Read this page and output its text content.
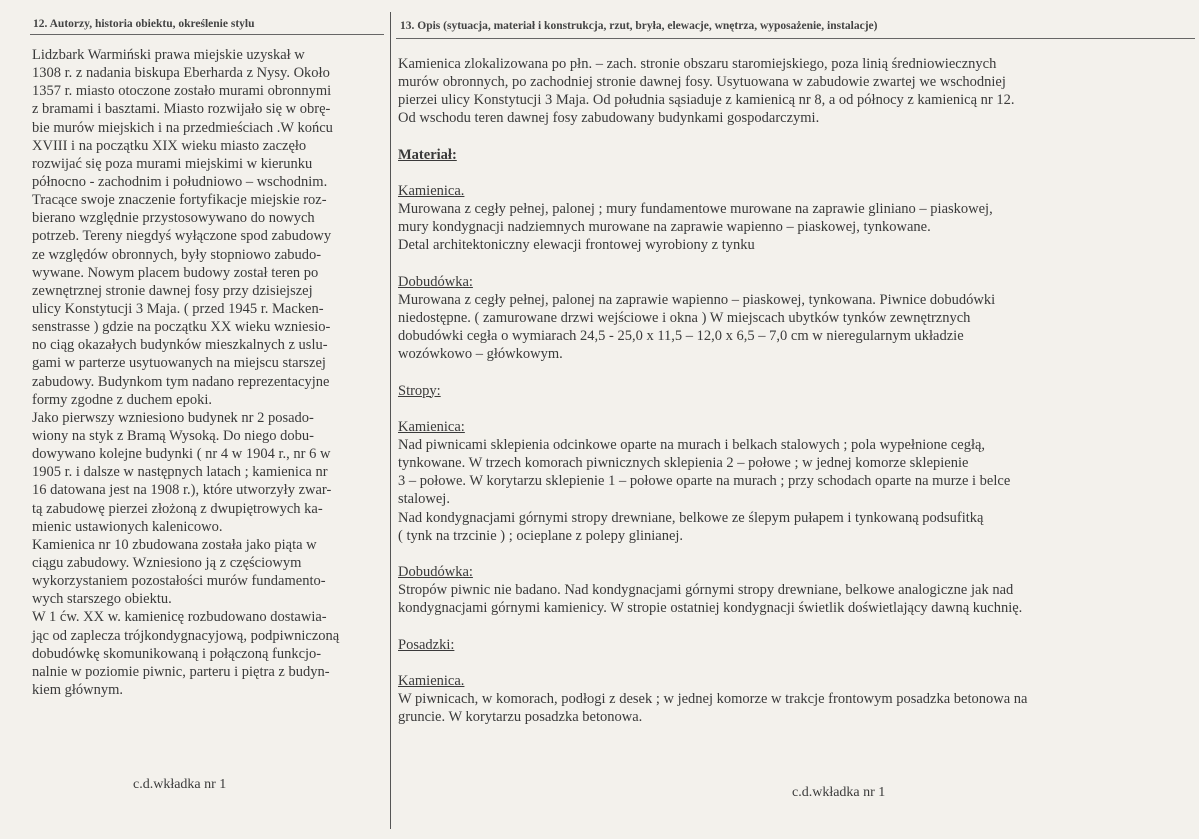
12. Autorzy, historia obiektu, określenie stylu
Lidzbark Warmiński prawa miejskie uzyskał w
1308 r. z nadania biskupa Eberharda z Nysy. Około
1357 r. miasto otoczone zostało murami obronnymi
z bramami i basztami. Miasto rozwijało się w obrę-
bie murów miejskich i na przedmieściach .W końcu
XVIII i na początku XIX wieku miasto zaczęło
rozwijać się poza murami miejskimi w kierunku
północno - zachodnim i południowo – wschodnim.
Tracące swoje znaczenie fortyfikacje miejskie roz-
bierano względnie przystosowywano do nowych
potrzeb. Tereny niegdyś wyłączone spod zabudowy
ze względów obronnych, były stopniowo zabudo-
wywane. Nowym placem budowy został teren po
zewnętrznej stronie dawnej fosy przy dzisiejszej
ulicy Konstytucji 3 Maja. ( przed 1945 r. Macken-
senstrasse ) gdzie na początku XX wieku wzniesio-
no ciąg okazałych budynków mieszkalnych z uslu-
gami w parterze usytuowanych na miejscu starszej
zabudowy. Budynkom tym nadano reprezentacyjne
formy zgodne z duchem epoki.
Jako pierwszy wzniesiono budynek nr 2 posado-
wiony na styk z Bramą Wysoką. Do niego dobu-
dowywano kolejne budynki ( nr 4 w 1904 r., nr 6 w
1905 r. i dalsze w następnych latach ; kamienica nr
16 datowana jest na 1908 r.), które utworzyły zwar-
tą zabudowę pierzei złożoną z dwupiętrowych ka-
mienic ustawionych kalenicowo.
Kamienica nr 10 zbudowana została jako piąta w
ciągu zabudowy. Wzniesiono ją z częściowym
wykorzystaniem pozostałości murów fundamento-
wych starszego obiektu.
W 1 ćw. XX w. kamienicę rozbudowano dostawia-
jąc od zaplecza trójkondygnacyjową, podpiwniczoną
dobudówkę skomunikowaną i połączoną funkcjo-
nalnie w poziomie piwnic, parteru i piętra z budyn-
kiem głównym.
c.d.wkładka nr 1
13. Opis (sytuacja, materiał i konstrukcja, rzut, bryła, elewacje, wnętrza, wyposażenie, instalacje)
Kamienica zlokalizowana po płn. – zach. stronie obszaru staromiejskiego, poza linią średniowiecznych
murów obronnych, po zachodniej stronie dawnej fosy. Usytuowana w zabudowie zwartej we wschodniej
pierzei ulicy Konstytucji 3 Maja. Od południa sąsiaduje z kamienicą nr 8, a od północy z kamienicą nr 12.
Od wschodu teren dawnej fosy zabudowany budynkami gospodarczymi.
Materiał:
Kamienica.
Murowana z cegły pełnej, palonej ; mury fundamentowe murowane na zaprawie gliniano – piaskowej,
mury kondygnacji nadziemnych murowane na zaprawie wapienno – piaskowej, tynkowane.
Detal architektoniczny elewacji frontowej wyrobiony z tynku
Dobudówka:
Murowana z cegły pełnej, palonej na zaprawie wapienno – piaskowej, tynkowana. Piwnice dobudówki
niedostępne. ( zamurowane drzwi wejściowe i okna ) W miejscach ubytków tynków zewnętrznych
dobudówki cegła o wymiarach 24,5 - 25,0 x 11,5 – 12,0 x 6,5 – 7,0 cm w nieregularnym układzie
wozówkowo – główkowym.
Stropy:
Kamienica:
Nad piwnicami sklepienia odcinkowe oparte na murach i belkach stalowych ; pola wypełnione cegłą,
tynkowane. W trzech komorach piwnicznych sklepienia 2 – połowe ; w jednej komorze sklepienie
3 – połowe. W korytarzu sklepienie 1 – połowe oparte na murach ; przy schodach oparte na murze i belce
stalowej.
Nad kondygnacjami górnymi stropy drewniane, belkowe ze ślepym pułapem i tynkowaną podsufitką
( tynk na trzcinie ) ; ocieplane z polepy glinianej.
Dobudówka:
Stropów piwnic nie badano. Nad kondygnacjami górnymi stropy drewniane, belkowe analogiczne jak nad
kondygnacjami górnymi kamienicy. W stropie ostatniej kondygnacji świetlik doświetlający dawną kuchnię.
Posadzki:
Kamienica.
W piwnicach, w komorach, podłogi z desek ; w jednej komorze w trakcje frontowym posadzka betonowa na
gruncie. W korytarzu posadzka betonowa.
c.d.wkładka nr 1
